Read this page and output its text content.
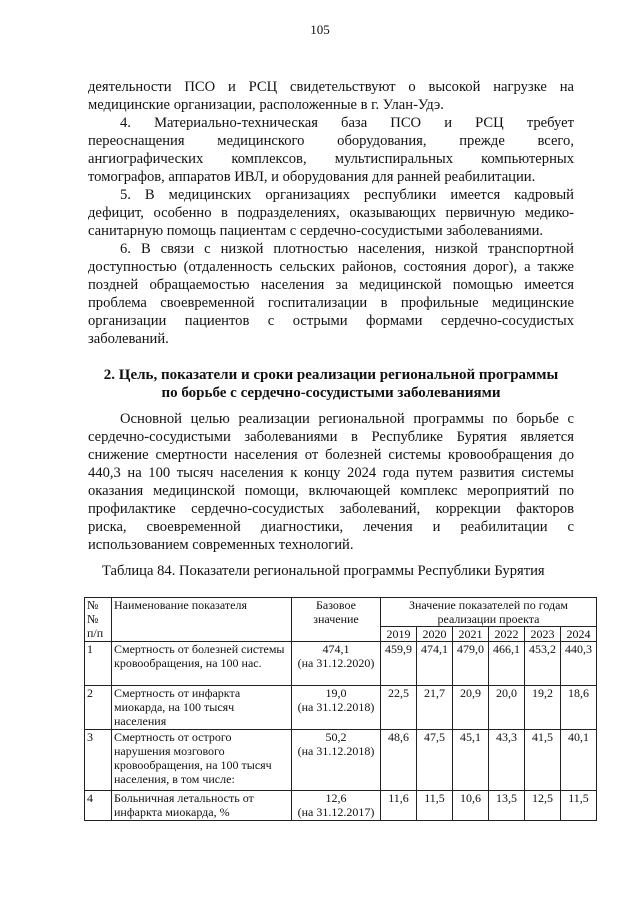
105
деятельности ПСО и РСЦ свидетельствуют о высокой нагрузке на
медицинские организации, расположенные в г. Улан-Удэ.
4. Материально-техническая база ПСО и РСЦ требует
переоснащения медицинского оборудования, прежде всего,
ангиографических комплексов, мультиспиральных компьютерных
томографов, аппаратов ИВЛ, и оборудования для ранней реабилитации.
5. В медицинских организациях республики имеется кадровый
дефицит, особенно в подразделениях, оказывающих первичную медико-
санитарную помощь пациентам с сердечно-сосудистыми заболеваниями.
6. В связи с низкой плотностью населения, низкой транспортной
доступностью (отдаленность сельских районов, состояния дорог), а также
поздней обращаемостью населения за медицинской помощью имеется
проблема своевременной госпитализации в профильные медицинские
организации пациентов с острыми формами сердечно-сосудистых
заболеваний.
2. Цель, показатели и сроки реализации региональной программы
по борьбе с сердечно-сосудистыми заболеваниями
Основной целью реализации региональной программы по борьбе с
сердечно-сосудистыми заболеваниями в Республике Бурятия является
снижение смертности населения от болезней системы кровообращения до
440,3 на 100 тысяч населения к концу 2024 года путем развития системы
оказания медицинской помощи, включающей комплекс мероприятий по
профилактике сердечно-сосудистых заболеваний, коррекции факторов
риска, своевременной диагностики, лечения и реабилитации с
использованием современных технологий.
Таблица 84. Показатели региональной программы Республики Бурятия
№№ п/п	Наименование показателя	Базовое значение	Значение показателей по годам реализации проекта					
			2019	2020	2021	2022	2023	2024
1	Смертность от болезней системы кровообращения, на 100 нас.	474,1
(на 31.12.2020)	459,9	474,1	479,0	466,1	453,2	440,3
2	Смертность от инфаркта миокарда, на 100 тысяч населения	19,0
(на 31.12.2018)	22,5	21,7	20,9	20,0	19,2	18,6
3	Смертность от острого нарушения мозгового кровообращения, на 100 тысяч населения, в том числе:	50,2
(на 31.12.2018)	48,6	47,5	45,1	43,3	41,5	40,1
4	Больничная летальность от инфаркта миокарда, %	12,6
(на 31.12.2017)	11,6	11,5	10,6	13,5	12,5	11,5
